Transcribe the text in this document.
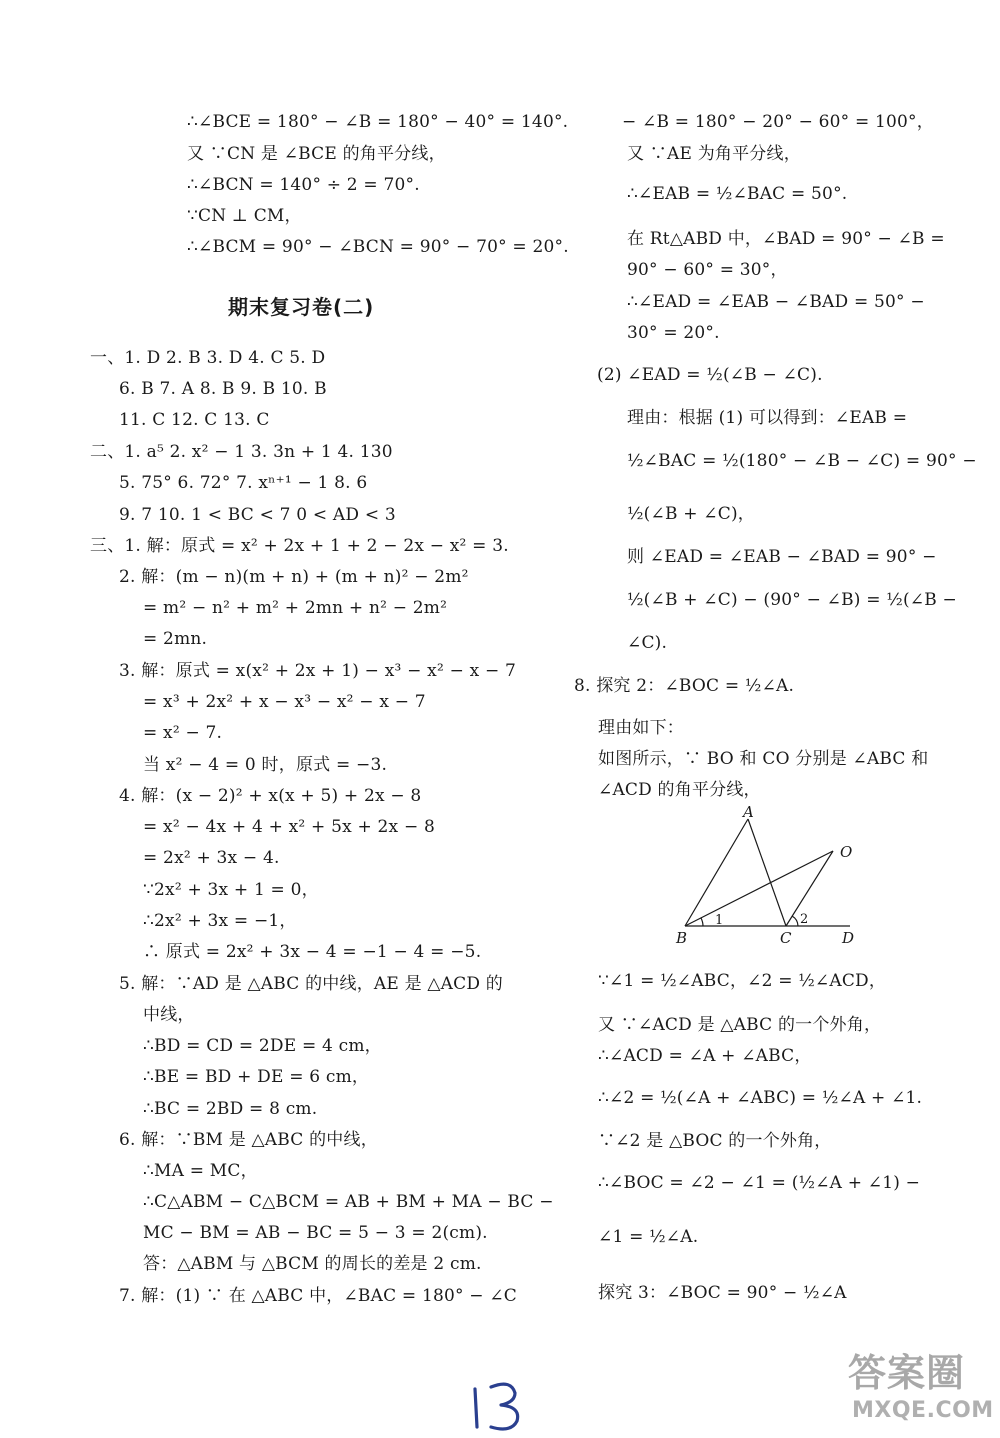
∴∠BCE = 180° − ∠B = 180° − 40° = 140°.
又 ∵CN 是 ∠BCE 的角平分线，
∴∠BCN = 140° ÷ 2 = 70°.
∵CN ⊥ CM，
∴∠BCM = 90° − ∠BCN = 90° − 70° = 20°.
期末复习卷(二)
一、1. D 2. B 3. D 4. C 5. D
6. B 7. A 8. B 9. B 10. B
11. C 12. C 13. C
二、1. a⁵ 2. x² − 1 3. 3n + 1 4. 130
5. 75° 6. 72° 7. xⁿ⁺¹ − 1 8. 6
9. 7 10. 1 < BC < 7 0 < AD < 3
三、1. 解：原式 = x² + 2x + 1 + 2 − 2x − x² = 3.
2. 解：(m − n)(m + n) + (m + n)² − 2m²
= m² − n² + m² + 2mn + n² − 2m²
= 2mn.
3. 解：原式 = x(x² + 2x + 1) − x³ − x² − x − 7
= x³ + 2x² + x − x³ − x² − x − 7
= x² − 7.
当 x² − 4 = 0 时，原式 = −3.
4. 解：(x − 2)² + x(x + 5) + 2x − 8
= x² − 4x + 4 + x² + 5x + 2x − 8
= 2x² + 3x − 4.
∵2x² + 3x + 1 = 0，
∴2x² + 3x = −1，
∴ 原式 = 2x² + 3x − 4 = −1 − 4 = −5.
5. 解：∵AD 是 △ABC 的中线，AE 是 △ACD 的
中线，
∴BD = CD = 2DE = 4 cm，
∴BE = BD + DE = 6 cm，
∴BC = 2BD = 8 cm.
6. 解：∵BM 是 △ABC 的中线，
∴MA = MC，
∴C△ABM − C△BCM = AB + BM + MA − BC −
MC − BM = AB − BC = 5 − 3 = 2(cm).
答：△ABM 与 △BCM 的周长的差是 2 cm.
7. 解：(1) ∵ 在 △ABC 中，∠BAC = 180° − ∠C
− ∠B = 180° − 20° − 60° = 100°，
又 ∵AE 为角平分线，
∴∠EAB = ½∠BAC = 50°.
在 Rt△ABD 中，∠BAD = 90° − ∠B =
90° − 60° = 30°，
∴∠EAD = ∠EAB − ∠BAD = 50° −
30° = 20°.
(2) ∠EAD = ½(∠B − ∠C).
理由：根据 (1) 可以得到：∠EAB =
½∠BAC = ½(180° − ∠B − ∠C) = 90° −
½(∠B + ∠C)，
则 ∠EAD = ∠EAB − ∠BAD = 90° −
½(∠B + ∠C) − (90° − ∠B) = ½(∠B −
∠C).
8. 探究 2：∠BOC = ½∠A.
理由如下：
如图所示，∵ BO 和 CO 分别是 ∠ABC 和
∠ACD 的角平分线，
A
O
B	C	D
1	2
∵∠1 = ½∠ABC，∠2 = ½∠ACD，
又 ∵∠ACD 是 △ABC 的一个外角，
∴∠ACD = ∠A + ∠ABC，
∴∠2 = ½(∠A + ∠ABC) = ½∠A + ∠1.
∵∠2 是 △BOC 的一个外角，
∴∠BOC = ∠2 − ∠1 = (½∠A + ∠1) −
∠1 = ½∠A.
探究 3：∠BOC = 90° − ½∠A
13	答案圈
MXQE.COM
